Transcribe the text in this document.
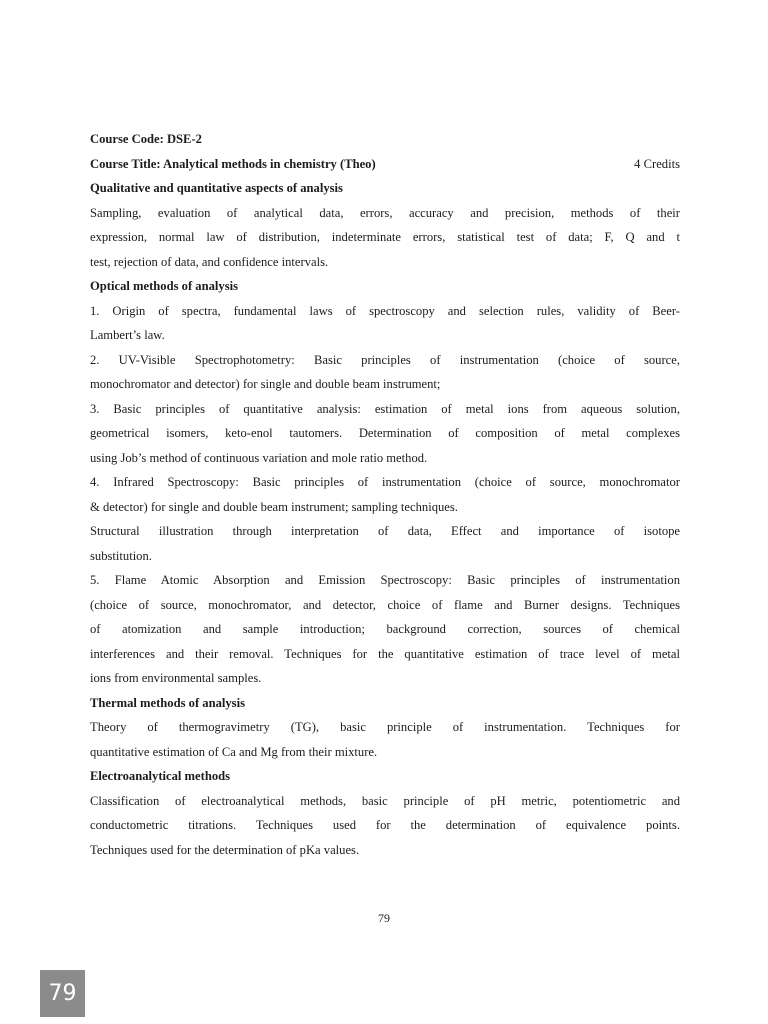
Course Code: DSE-2
Course Title: Analytical methods in chemistry (Theo)	4 Credits
Qualitative and quantitative aspects of analysis
Sampling, evaluation of analytical data, errors, accuracy and precision, methods of their
expression, normal law of distribution, indeterminate errors, statistical test of data; F, Q and t
test, rejection of data, and confidence intervals.
Optical methods of analysis
1. Origin of spectra, fundamental laws of spectroscopy and selection rules, validity of Beer-
Lambert’s law.
2. UV-Visible Spectrophotometry: Basic principles of instrumentation (choice of source,
monochromator and detector) for single and double beam instrument;
3. Basic principles of quantitative analysis: estimation of metal ions from aqueous solution,
geometrical isomers, keto-enol tautomers. Determination of composition of metal complexes
using Job’s method of continuous variation and mole ratio method.
4. Infrared Spectroscopy: Basic principles of instrumentation (choice of source, monochromator
& detector) for single and double beam instrument; sampling techniques.
Structural illustration through interpretation of data, Effect and importance of isotope
substitution.
5. Flame Atomic Absorption and Emission Spectroscopy: Basic principles of instrumentation
(choice of source, monochromator, and detector, choice of flame and Burner designs. Techniques
of atomization and sample introduction; background correction, sources of chemical
interferences and their removal. Techniques for the quantitative estimation of trace level of metal
ions from environmental samples.
Thermal methods of analysis
Theory of thermogravimetry (TG), basic principle of instrumentation. Techniques for
quantitative estimation of Ca and Mg from their mixture.
Electroanalytical methods
Classification of electroanalytical methods, basic principle of pH metric, potentiometric and
conductometric titrations. Techniques used for the determination of equivalence points.
Techniques used for the determination of pKa values.
79
79
